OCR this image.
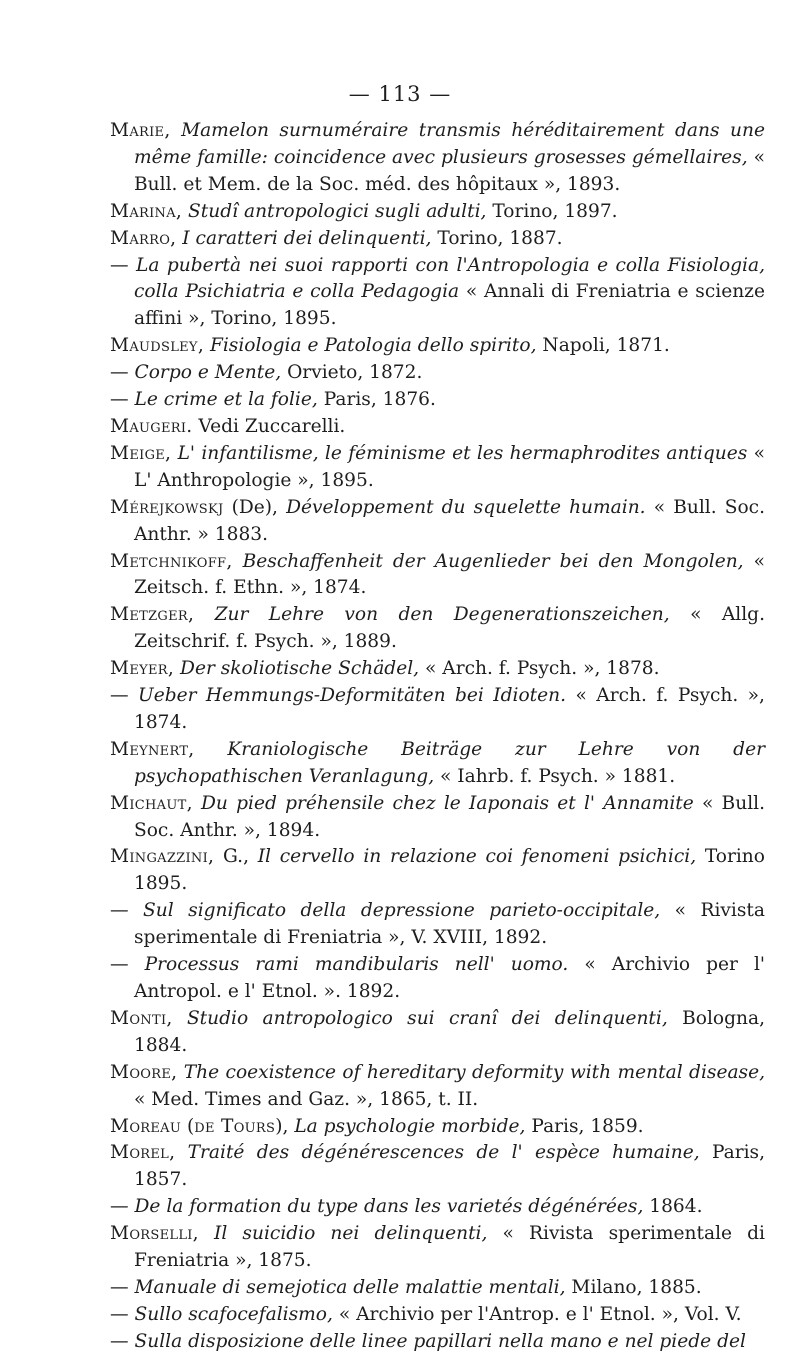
— 113 —

Marie, Mamelon surnuméraire transmis héréditairement dans une même famille: coincidence avec plusieurs grosesses gémellaires, « Bull. et Mem. de la Soc. méd. des hôpitaux », 1893.

Marina, Studî antropologici sugli adulti, Torino, 1897.

Marro, I caratteri dei delinquenti, Torino, 1887.

— La pubertà nei suoi rapporti con l'Antropologia e colla Fisiologia, colla Psichiatria e colla Pedagogia « Annali di Freniatria e scienze affini », Torino, 1895.

Maudsley, Fisiologia e Patologia dello spirito, Napoli, 1871.

— Corpo e Mente, Orvieto, 1872.

— Le crime et la folie, Paris, 1876.

Maugeri. Vedi Zuccarelli.

Meige, L' infantilisme, le féminisme et les hermaphrodites antiques « L' Anthropologie », 1895.

Mérejkowskj (De), Développement du squelette humain. « Bull. Soc. Anthr. » 1883.

Metchnikoff, Beschaffenheit der Augenlieder bei den Mongolen, « Zeitsch. f. Ethn. », 1874.

Metzger, Zur Lehre von den Degenerationszeichen, « Allg. Zeitschrif. f. Psych. », 1889.

Meyer, Der skoliotische Schädel, « Arch. f. Psych. », 1878.

— Ueber Hemmungs-Deformitäten bei Idioten. « Arch. f. Psych. », 1874.

Meynert, Kraniologische Beiträge zur Lehre von der psychopathischen Veranlagung, « Iahrb. f. Psych. » 1881.

Michaut, Du pied préhensile chez le Iaponais et l' Annamite « Bull. Soc. Anthr. », 1894.

Mingazzini, G., Il cervello in relazione coi fenomeni psichici, Torino 1895.

— Sul significato della depressione parieto-occipitale, « Rivista sperimentale di Freniatria », V. XVIII, 1892.

— Processus rami mandibularis nell' uomo. « Archivio per l' Antropol. e l' Etnol. ». 1892.

Monti, Studio antropologico sui cranî dei delinquenti, Bologna, 1884.

Moore, The coexistence of hereditary deformity with mental disease, « Med. Times and Gaz. », 1865, t. II.

Moreau (de Tours), La psychologie morbide, Paris, 1859.

Morel, Traité des dégénérescences de l' espèce humaine, Paris, 1857.

— De la formation du type dans les varietés dégénérées, 1864.

Morselli, Il suicidio nei delinquenti, « Rivista sperimentale di Freniatria », 1875.

— Manuale di semejotica delle malattie mentali, Milano, 1885.

— Sullo scafocefalismo, « Archivio per l'Antrop. e l' Etnol. », Vol. V.

— Sulla disposizione delle linee papillari nella mano e nel piede del
